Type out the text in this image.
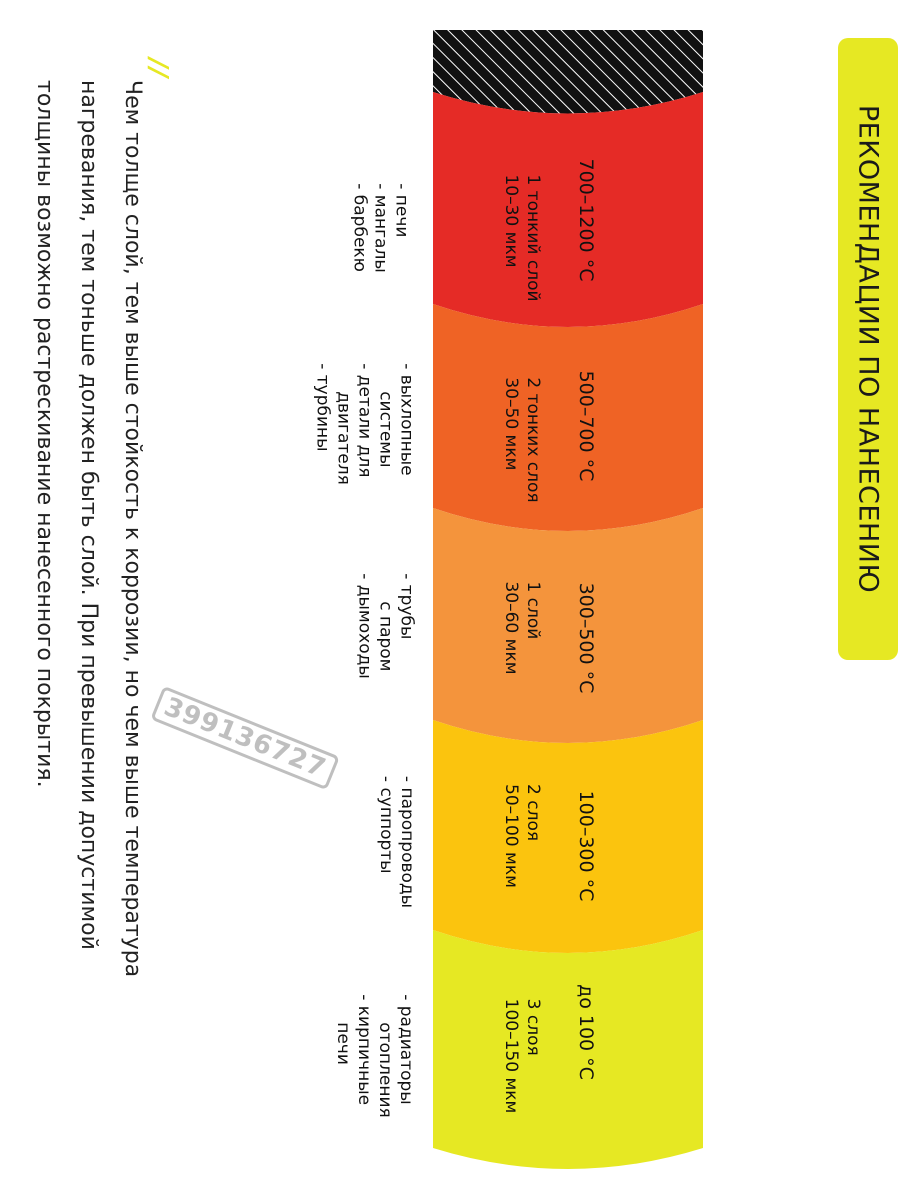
РЕКОМЕНДАЦИИ ПО НАНЕСЕНИЮ
700–1200 °C
1 тонкий слой
10–30 мкм
- печи
- мангалы
- барбекю
500–700 °C
2 тонких слоя
30–50 мкм
- выхлопные
системы
- детали для
двигателя
- турбины
300–500 °C
1 слой
30–60 мкм
- трубы
с паром
- дымоходы
100–300 °C
2 слоя
50–100 мкм
- паропроводы
- суппорты
до 100 °C
3 слоя
100–150 мкм
- радиаторы
отопления
- кирпичные
печи
//
Чем толще слой, тем выше стойкость к коррозии, но чем выше температура нагревания, тем тоньше должен быть слой. При превышении допустимой толщины возможно растрескивание нанесенного покрытия.	399136727
